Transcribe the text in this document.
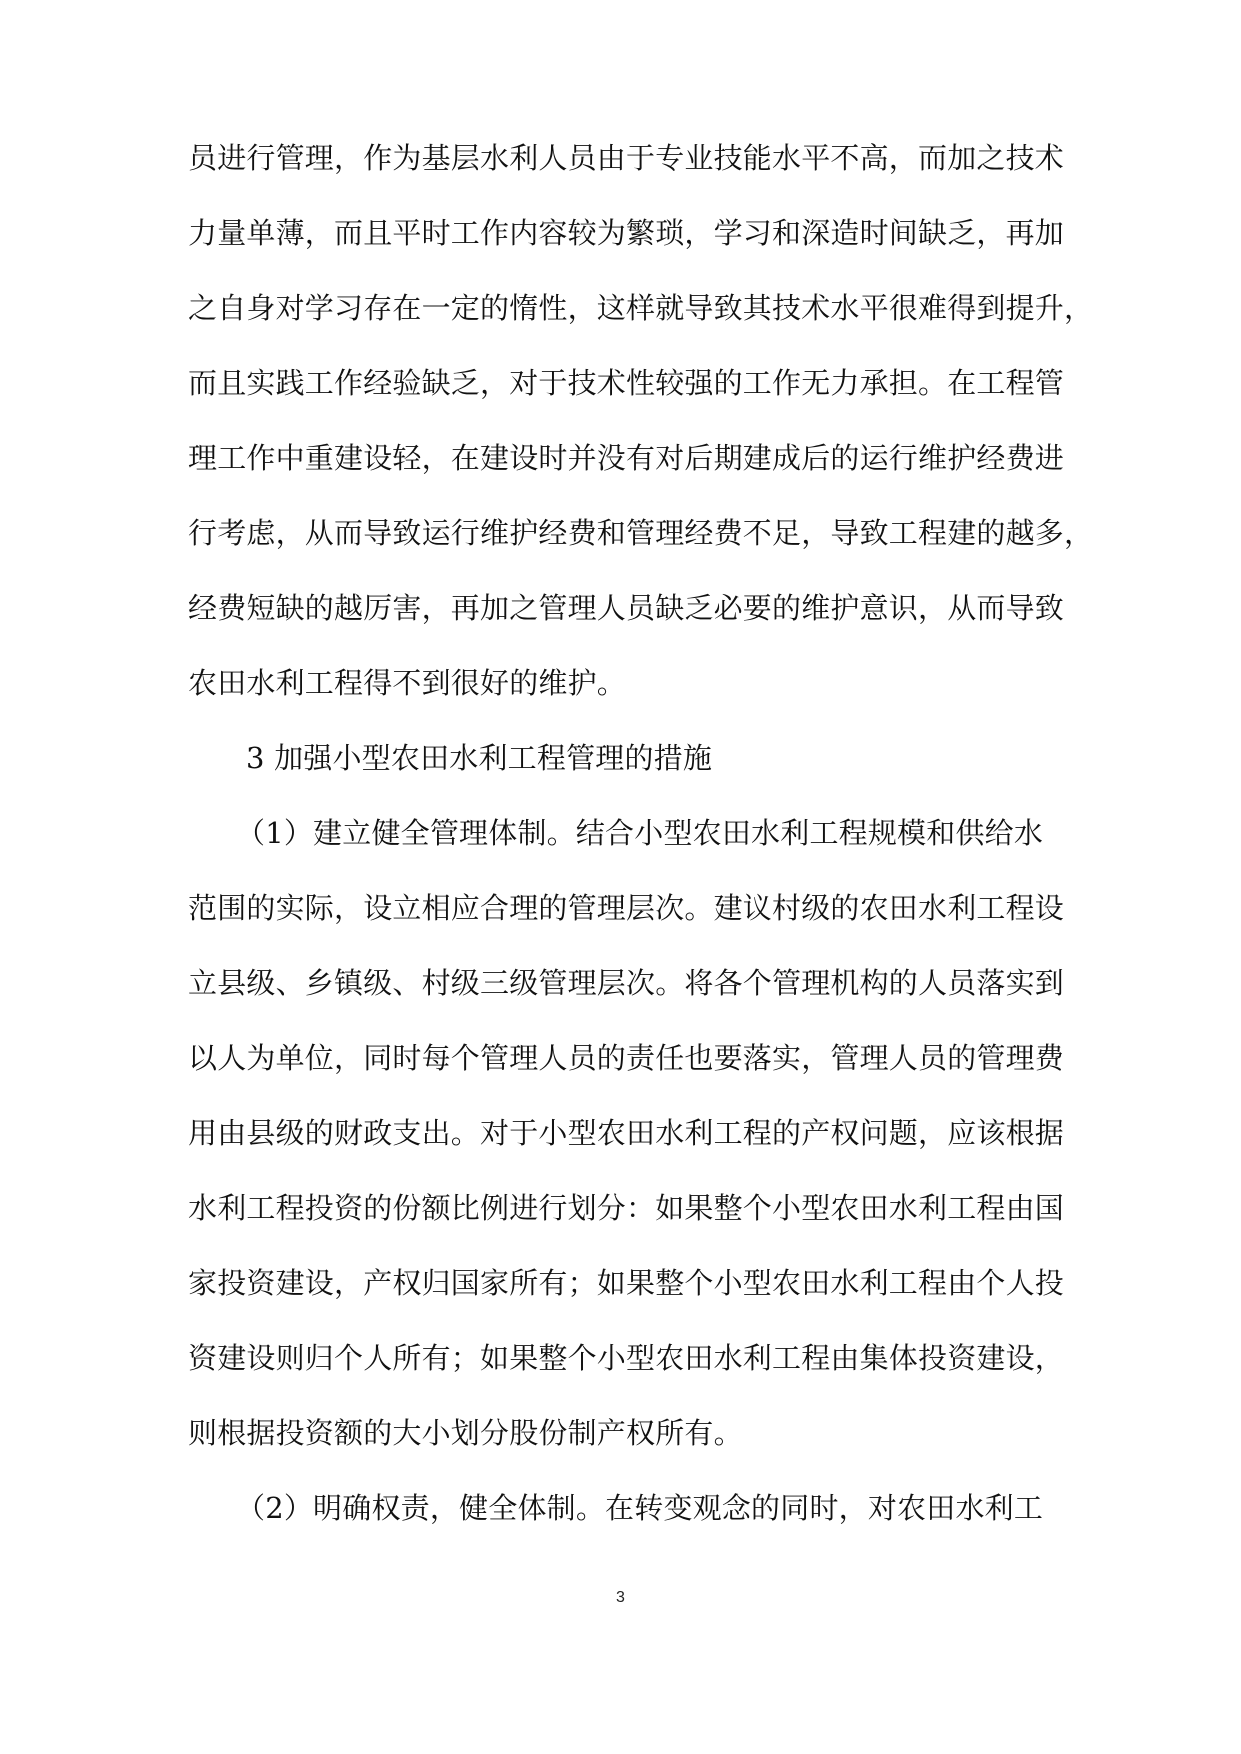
员进行管理，作为基层水利人员由于专业技能水平不高，而加之技术
力量单薄，而且平时工作内容较为繁琐，学习和深造时间缺乏，再加
之自身对学习存在一定的惰性，这样就导致其技术水平很难得到提升，
而且实践工作经验缺乏，对于技术性较强的工作无力承担。在工程管
理工作中重建设轻，在建设时并没有对后期建成后的运行维护经费进
行考虑，从而导致运行维护经费和管理经费不足，导致工程建的越多，
经费短缺的越厉害，再加之管理人员缺乏必要的维护意识，从而导致
农田水利工程得不到很好的维护。
3 加强小型农田水利工程管理的措施
（1）建立健全管理体制。结合小型农田水利工程规模和供给水
范围的实际，设立相应合理的管理层次。建议村级的农田水利工程设
立县级、乡镇级、村级三级管理层次。将各个管理机构的人员落实到
以人为单位，同时每个管理人员的责任也要落实，管理人员的管理费
用由县级的财政支出。对于小型农田水利工程的产权问题，应该根据
水利工程投资的份额比例进行划分：如果整个小型农田水利工程由国
家投资建设，产权归国家所有；如果整个小型农田水利工程由个人投
资建设则归个人所有；如果整个小型农田水利工程由集体投资建设，
则根据投资额的大小划分股份制产权所有。
（2）明确权责，健全体制。在转变观念的同时，对农田水利工
3
